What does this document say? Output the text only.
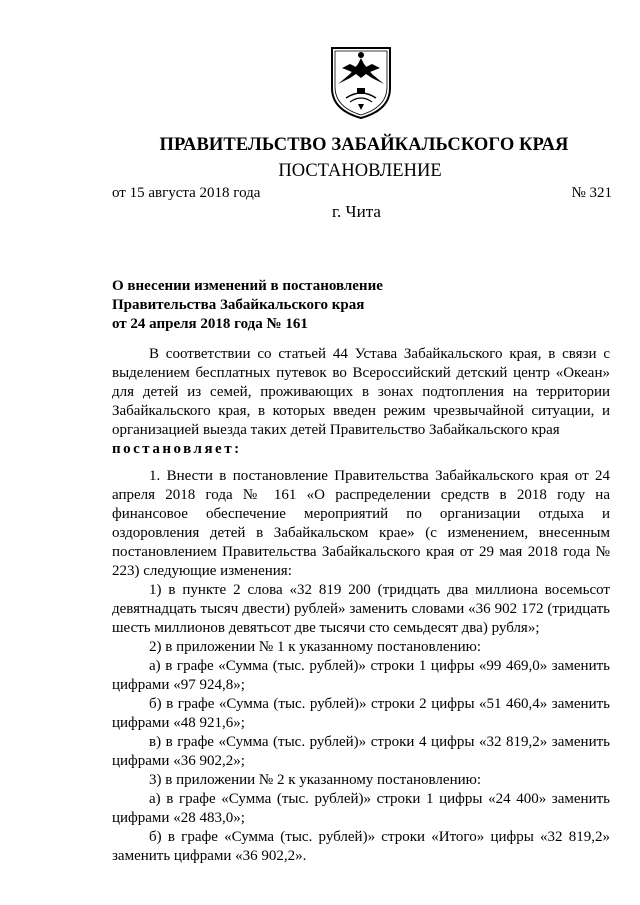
ПРАВИТЕЛЬСТВО ЗАБАЙКАЛЬСКОГО КРАЯ
ПОСТАНОВЛЕНИЕ
от 15 августа 2018 года	№ 321
г. Чита
О внесении изменений в постановление
Правительства Забайкальского края
от 24 апреля 2018 года № 161

В соответствии со статьей 44 Устава Забайкальского края, в связи с выделением бесплатных путевок во Всероссийский детский центр «Океан» для детей из семей, проживающих в зонах подтопления на территории Забайкальского края, в которых введен режим чрезвычайной ситуации, и организацией выезда таких детей Правительство Забайкальского края

постановляет:

1. Внести в постановление Правительства Забайкальского края от 24 апреля 2018 года № 161 «О распределении средств в 2018 году на финансовое обеспечение мероприятий по организации отдыха и оздоровления детей в Забайкальском крае» (с изменением, внесенным постановлением Правительства Забайкальского края от 29 мая 2018 года № 223) следующие изменения:

1) в пункте 2 слова «32 819 200 (тридцать два миллиона восемьсот девятнадцать тысяч двести) рублей» заменить словами «36 902 172 (тридцать шесть миллионов девятьсот две тысячи сто семьдесят два) рубля»;

2) в приложении № 1 к указанному постановлению:

а) в графе «Сумма (тыс. рублей)» строки 1 цифры «99 469,0» заменить цифрами «97 924,8»;

б) в графе «Сумма (тыс. рублей)» строки 2 цифры «51 460,4» заменить цифрами «48 921,6»;

в) в графе «Сумма (тыс. рублей)» строки 4 цифры «32 819,2» заменить цифрами «36 902,2»;

3) в приложении № 2 к указанному постановлению:

а) в графе «Сумма (тыс. рублей)» строки 1 цифры «24 400» заменить цифрами «28 483,0»;

б) в графе «Сумма (тыс. рублей)» строки «Итого» цифры «32 819,2» заменить цифрами «36 902,2».
